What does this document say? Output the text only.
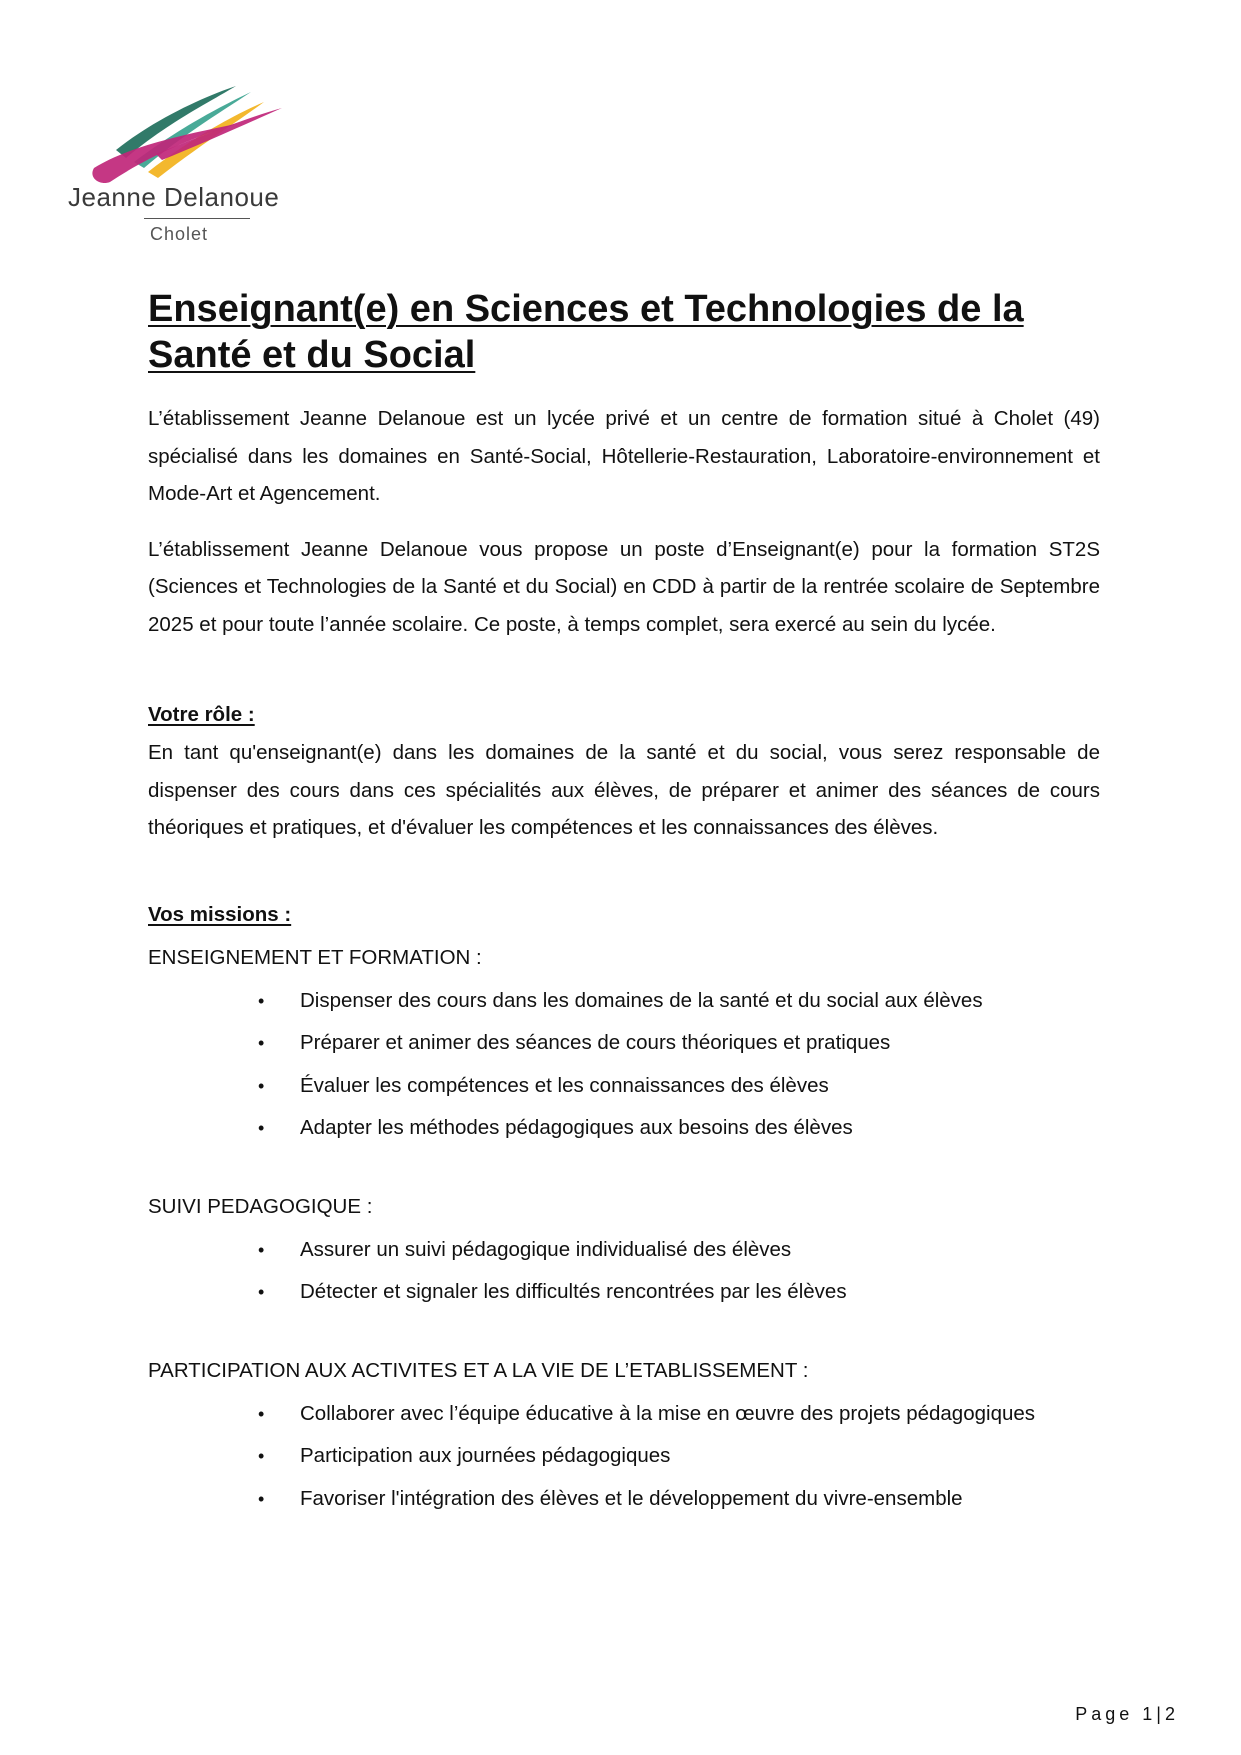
Jeanne Delanoue
Cholet
Enseignant(e) en Sciences et Technologies de la Santé et du Social

L’établissement Jeanne Delanoue est un lycée privé et un centre de formation situé à Cholet (49) spécialisé dans les domaines en Santé-Social, Hôtellerie-Restauration, Laboratoire-environnement et Mode-Art et Agencement.

L’établissement Jeanne Delanoue vous propose un poste d’Enseignant(e) pour la formation ST2S (Sciences et Technologies de la Santé et du Social) en CDD à partir de la rentrée scolaire de Septembre 2025 et pour toute l’année scolaire. Ce poste, à temps complet, sera exercé au sein du lycée.

Votre rôle :

En tant qu'enseignant(e) dans les domaines de la santé et du social, vous serez responsable de dispenser des cours dans ces spécialités aux élèves, de préparer et animer des séances de cours théoriques et pratiques, et d'évaluer les compétences et les connaissances des élèves.

Vos missions :
ENSEIGNEMENT ET FORMATION :
• Dispenser des cours dans les domaines de la santé et du social aux élèves
• Préparer et animer des séances de cours théoriques et pratiques
• Évaluer les compétences et les connaissances des élèves
• Adapter les méthodes pédagogiques aux besoins des élèves
SUIVI PEDAGOGIQUE :
• Assurer un suivi pédagogique individualisé des élèves
• Détecter et signaler les difficultés rencontrées par les élèves
PARTICIPATION AUX ACTIVITES ET A LA VIE DE L’ETABLISSEMENT :
• Collaborer avec l’équipe éducative à la mise en œuvre des projets pédagogiques
• Participation aux journées pédagogiques
• Favoriser l'intégration des élèves et le développement du vivre-ensemble
Page 1|2
